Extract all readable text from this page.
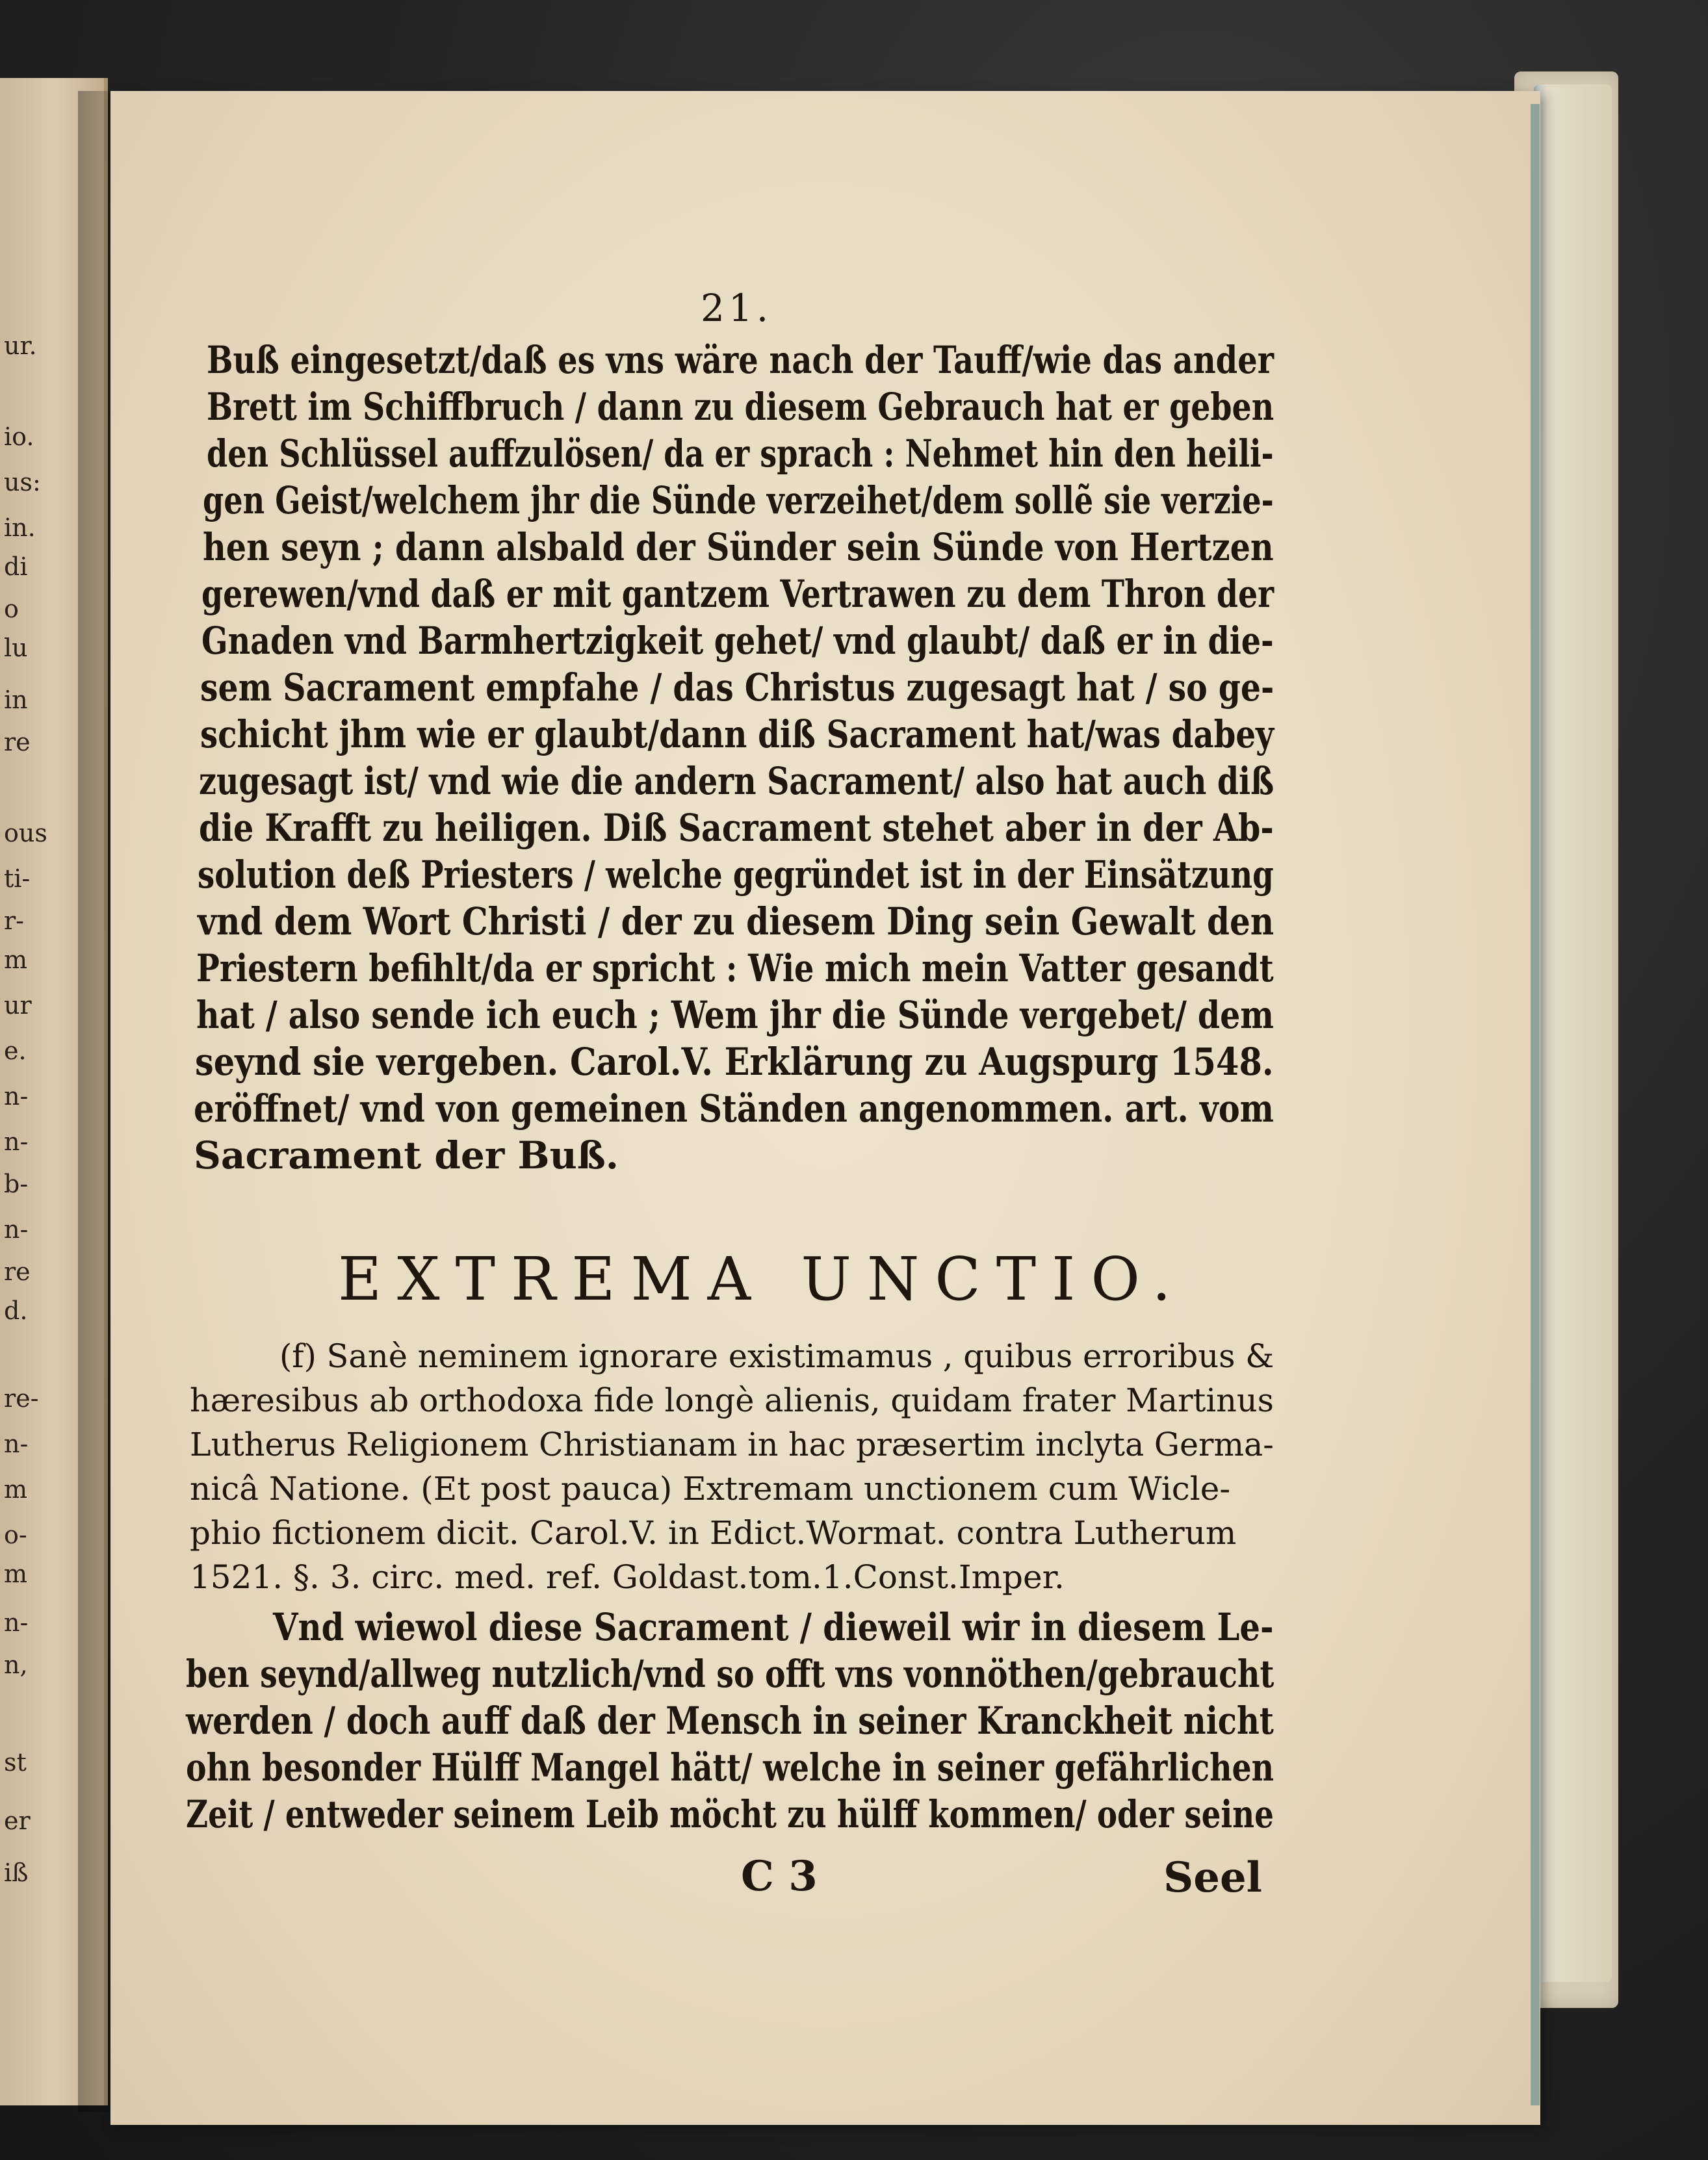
ur.
io.
us:
in.
di
o
lu
in
re
ous
ti-
r-
m
ur
e.
n-
n-
b-
n-
re
d.
re-
n-
m
o-
m
n-
n,
st
er
iß
21.
Buß eingesetzt/daß es vns wäre nach der Tauff/wie das ander
Brett im Schiffbruch / dann zu diesem Gebrauch hat er geben
den Schlüssel auffzulösen/ da er sprach : Nehmet hin den heili-
gen Geist/welchem jhr die Sünde verzeihet/dem sollẽ sie verzie-
hen seyn ; dann alsbald der Sünder sein Sünde von Hertzen
gerewen/vnd daß er mit gantzem Vertrawen zu dem Thron der
Gnaden vnd Barmhertzigkeit gehet/ vnd glaubt/ daß er in die-
sem Sacrament empfahe / das Christus zugesagt hat / so ge-
schicht jhm wie er glaubt/dann diß Sacrament hat/was dabey
zugesagt ist/ vnd wie die andern Sacrament/ also hat auch diß
die Krafft zu heiligen. Diß Sacrament stehet aber in der Ab-
solution deß Priesters / welche gegründet ist in der Einsätzung
vnd dem Wort Christi / der zu diesem Ding sein Gewalt den
Priestern befihlt/da er spricht : Wie mich mein Vatter gesandt
hat / also sende ich euch ; Wem jhr die Sünde vergebet/ dem
seynd sie vergeben. Carol.V. Erklärung zu Augspurg 1548.
eröffnet/ vnd von gemeinen Ständen angenommen. art. vom
Sacrament der Buß.
EXTREMA UNCTIO.
(f) Sanè neminem ignorare existimamus , quibus erroribus &
hæresibus ab orthodoxa fide longè alienis, quidam frater Martinus
Lutherus Religionem Christianam in hac præsertim inclyta Germa-
nicâ Natione. (Et post pauca) Extremam unctionem cum Wicle-
phio fictionem dicit. Carol.V. in Edict.Wormat. contra Lutherum
1521. §. 3. circ. med. ref. Goldast.tom.1.Const.Imper.
Vnd wiewol diese Sacrament / dieweil wir in diesem Le-
ben seynd/allweg nutzlich/vnd so offt vns vonnöthen/gebraucht
werden / doch auff daß der Mensch in seiner Kranckheit nicht
ohn besonder Hülff Mangel hätt/ welche in seiner gefährlichen
Zeit / entweder seinem Leib möcht zu hülff kommen/ oder seine
C 3	Seel
